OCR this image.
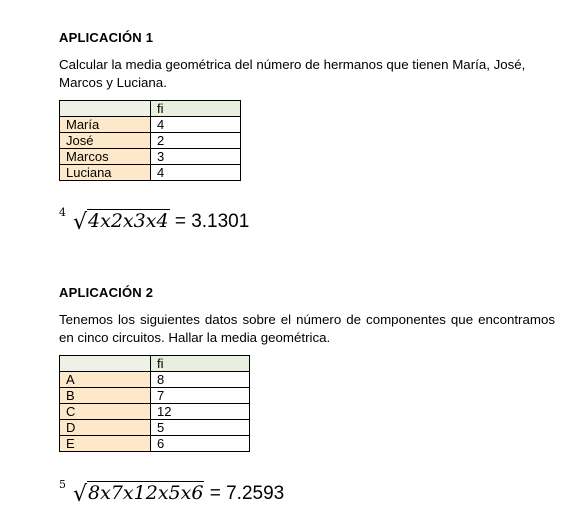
APLICACIÓN 1
Calcular la media geométrica del número de hermanos que tienen María, José, Marcos y Luciana.
	fi
María	4
José	2
Marcos	3
Luciana	4
4 √4x2x3x4 = 3.1301
APLICACIÓN 2
Tenemos los siguientes datos sobre el número de componentes que encontramos en cinco circuitos. Hallar la media geométrica.
	fi
A	8
B	7
C	12
D	5
E	6
5 √8x7x12x5x6 = 7.2593
